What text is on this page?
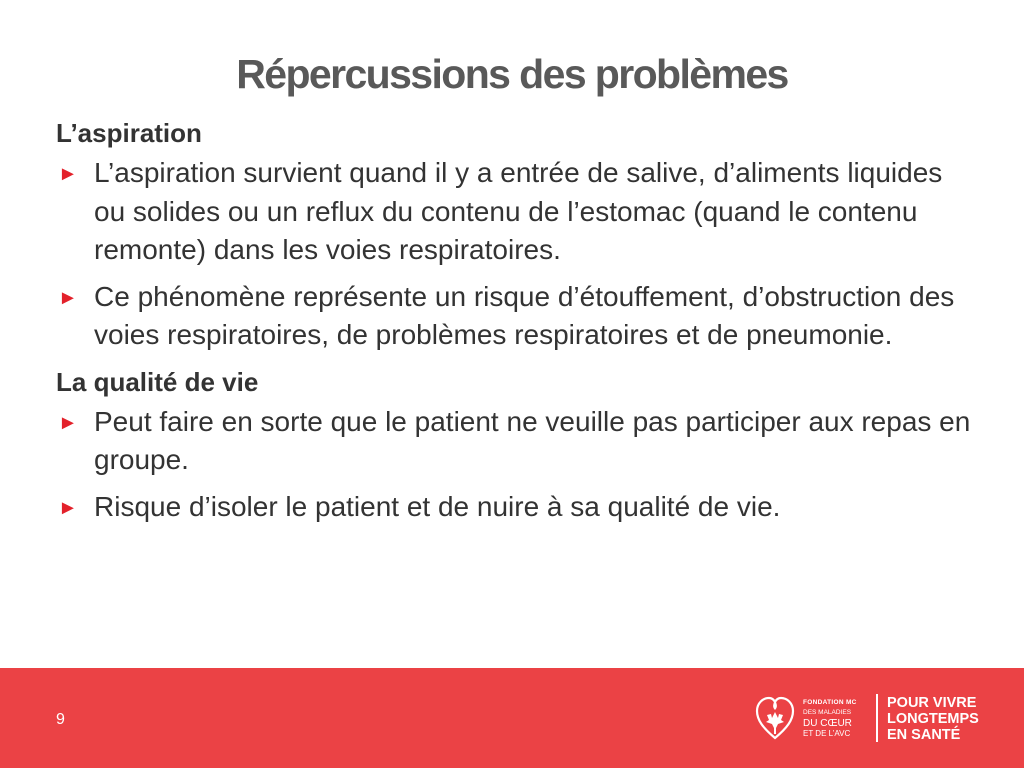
Répercussions des problèmes
L’aspiration
► L’aspiration survient quand il y a entrée de salive, d’aliments liquides ou solides ou un reflux du contenu de l’estomac (quand le contenu remonte) dans les voies respiratoires.
► Ce phénomène représente un risque d’étouffement, d’obstruction des voies respiratoires, de problèmes respiratoires et de pneumonie.
La qualité de vie
► Peut faire en sorte que le patient ne veuille pas participer aux repas en groupe.
► Risque d’isoler le patient et de nuire à sa qualité de vie.
9
FONDATION MC
DES MALADIES
DU CŒUR
ET DE L’AVC
POUR VIVRE
LONGTEMPS
EN SANTÉ
